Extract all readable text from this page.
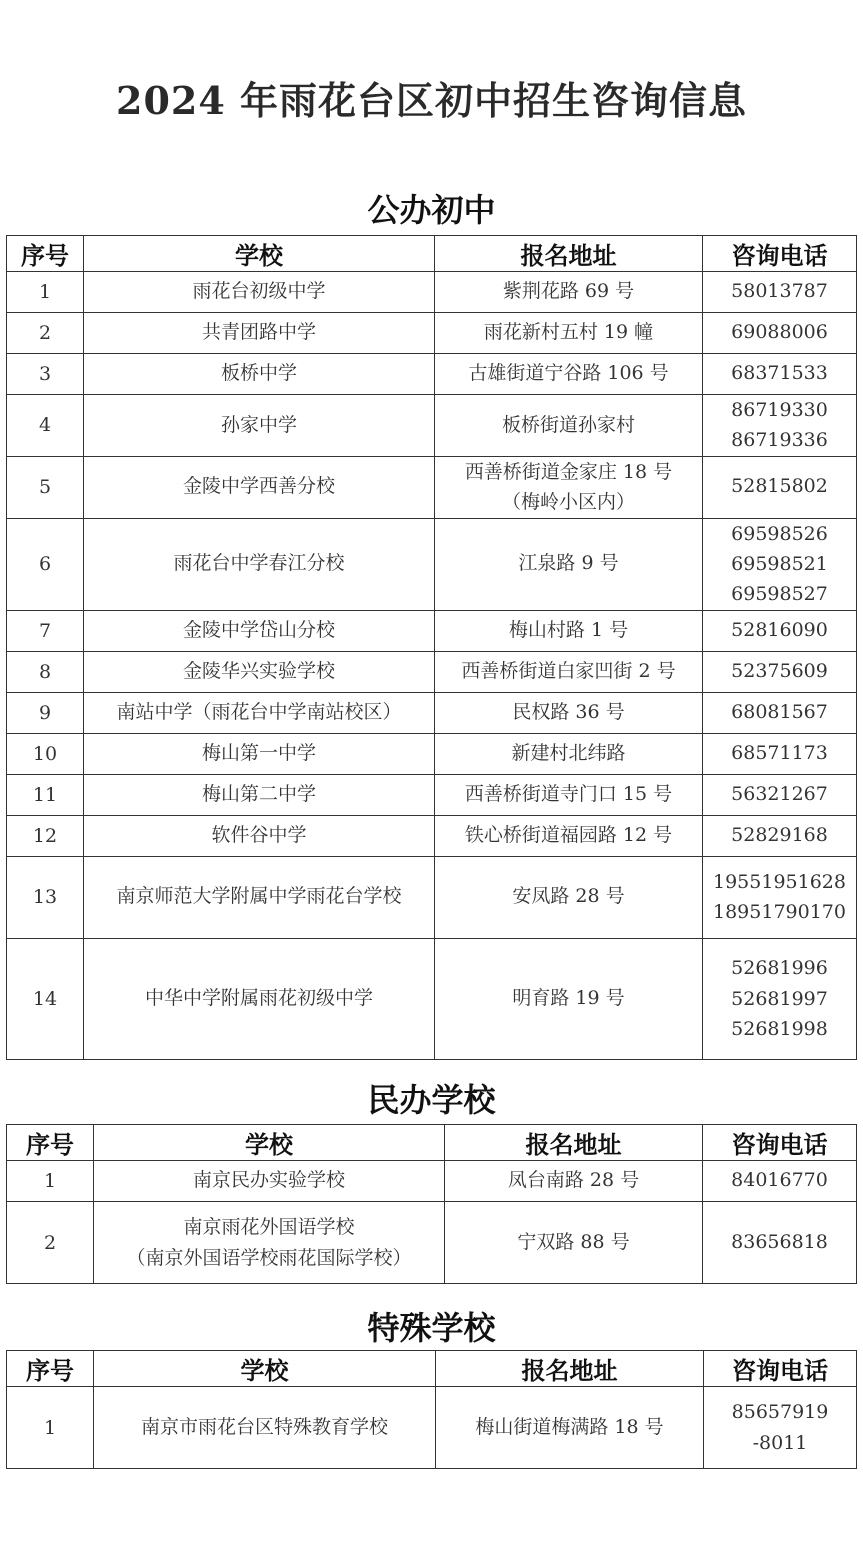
2024 年雨花台区初中招生咨询信息
公办初中
序号	学校	报名地址	咨询电话
1	雨花台初级中学	紫荆花路 69 号	58013787

2	共青团路中学	雨花新村五村 19 幢	69088006

3	板桥中学	古雄街道宁谷路 106 号	68371533

4	孙家中学	板桥街道孙家村	86719330
86719336

5	金陵中学西善分校	西善桥街道金家庄 18 号
（梅岭小区内）	52815802

6	雨花台中学春江分校	江泉路 9 号	69598526
69598521
69598527

7	金陵中学岱山分校	梅山村路 1 号	52816090

8	金陵华兴实验学校	西善桥街道白家凹街 2 号	52375609

9	南站中学（雨花台中学南站校区）	民权路 36 号	68081567

10	梅山第一中学	新建村北纬路	68571173

11	梅山第二中学	西善桥街道寺门口 15 号	56321267

12	软件谷中学	铁心桥街道福园路 12 号	52829168

13	南京师范大学附属中学雨花台学校	安凤路 28 号	19551951628
18951790170

14	中华中学附属雨花初级中学	明育路 19 号	52681996
52681997
52681998
民办学校
序号	学校	报名地址	咨询电话
1	南京民办实验学校	凤台南路 28 号	84016770

2	南京雨花外国语学校
（南京外国语学校雨花国际学校）	宁双路 88 号	83656818
特殊学校
序号	学校	报名地址	咨询电话
1	南京市雨花台区特殊教育学校	梅山街道梅满路 18 号	85657919
-8011
